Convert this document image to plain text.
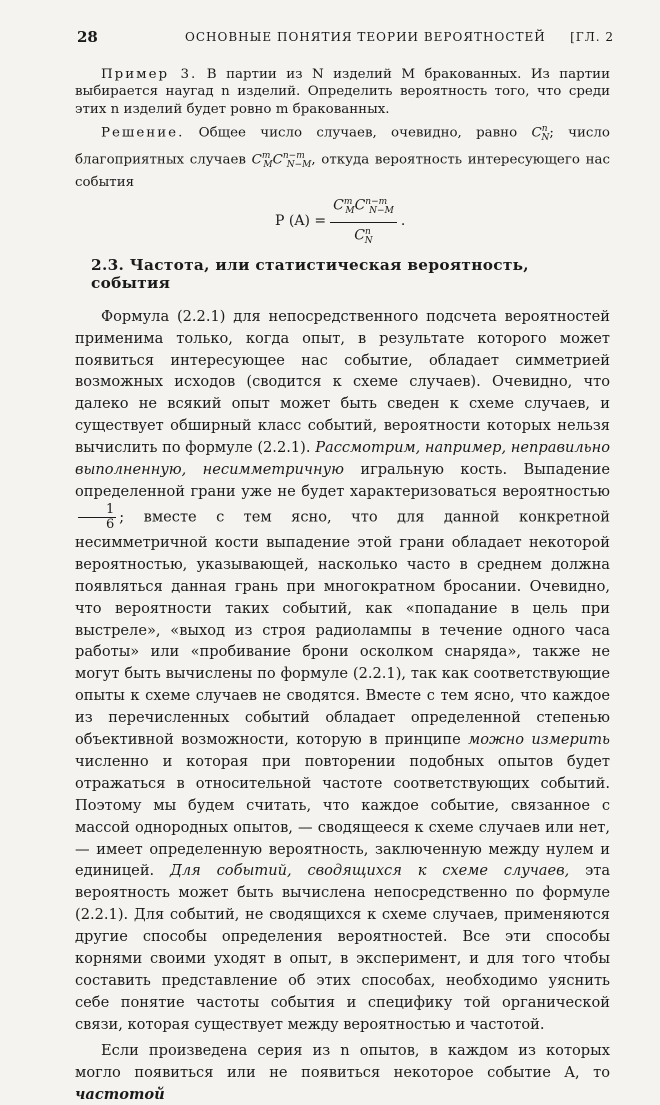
28	ОСНОВНЫЕ ПОНЯТИЯ ТЕОРИИ ВЕРОЯТНОСТЕЙ [ГЛ. 2

Пример 3. В партии из N изделий M бракованных. Из партии выбирается наугад n изделий. Определить вероятность того, что среди этих n изделий будет ровно m бракованных.

Решение. Общее число случаев, очевидно, равно $C^n_N$; число благоприятных случаев $C^m_MC^{n-m}_{N-M}$, откуда вероятность интересующего нас события

P $(A) = \frac{C^m_MC^{n-m}_{N-M}}{C^n_N}$ .
2.3. Частота, или статистическая вероятность, события

Формула (2.2.1) для непосредственного подсчета вероятностей применима только, когда опыт, в результате которого может появиться интересующее нас событие, обладает симметрией возможных исходов (сводится к схеме случаев). Очевидно, что далеко не всякий опыт может быть сведен к схеме случаев, и существует обширный класс событий, вероятности которых нельзя вычислить по формуле (2.2.1). Рассмотрим, например, неправильно выполненную, несимметричную игральную кость. Выпадение определенной грани уже не будет характеризоваться вероятностью
$\frac{1}{6}$ ; вместе с тем ясно, что для данной конкретной несимметричной кости выпадение этой грани обладает некоторой вероятностью, указывающей, насколько часто в среднем должна появляться данная грань при многократном бросании. Очевидно, что вероятности таких событий, как «попадание в цель при выстреле», «выход из строя радиолампы в течение одного часа работы» или «пробивание брони осколком снаряда», также не могут быть вычислены по формуле (2.2.1), так как соответствующие опыты к схеме случаев не сводятся. Вместе с тем ясно, что каждое из перечисленных событий обладает определенной степенью объективной возможности, которую в принципе можно измерить численно и которая при повторении подобных опытов будет отражаться в относительной частоте соответствующих событий. Поэтому мы будем считать, что каждое событие, связанное с массой однородных опытов, — сводящееся к схеме случаев или нет, — имеет определенную вероятность, заключенную между нулем и единицей. Для событий, сводящихся к схеме случаев, эта вероятность может быть вычислена непосредственно по формуле (2.2.1). Для событий, не сводящихся к схеме случаев, применяются другие способы определения вероятностей. Все эти способы корнями своими уходят в опыт, в эксперимент, и для того чтобы составить представление об этих способах, необходимо уяснить себе понятие частоты события и специфику той органической связи, которая существует между вероятностью и частотой.

Если произведена серия из n опытов, в каждом из которых могло появиться или не появиться некоторое событие A, то частотой
